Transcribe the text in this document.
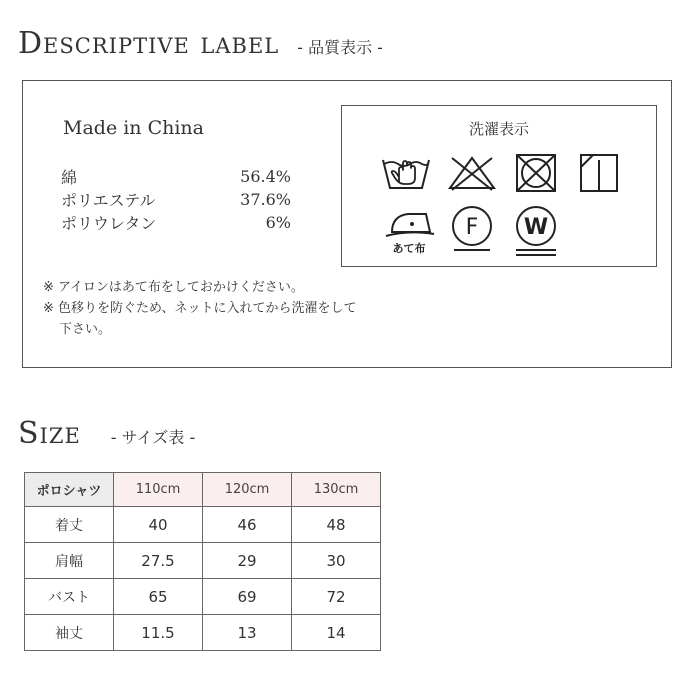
Descriptive label - 品質表示 -
Made in China
綿	56.4%
ポリエステル	37.6%
ポリウレタン	6%
※ アイロンはあて布をしておかけください。
※ 色移りを防ぐため、ネットに入れてから洗濯をして
下さい。
洗濯表示
あて布
F W
Size - サイズ表 -
ポロシャツ	110cm	120cm	130cm
着丈	40	46	48
肩幅	27.5	29	30
バスト	65	69	72
袖丈	11.5	13	14
